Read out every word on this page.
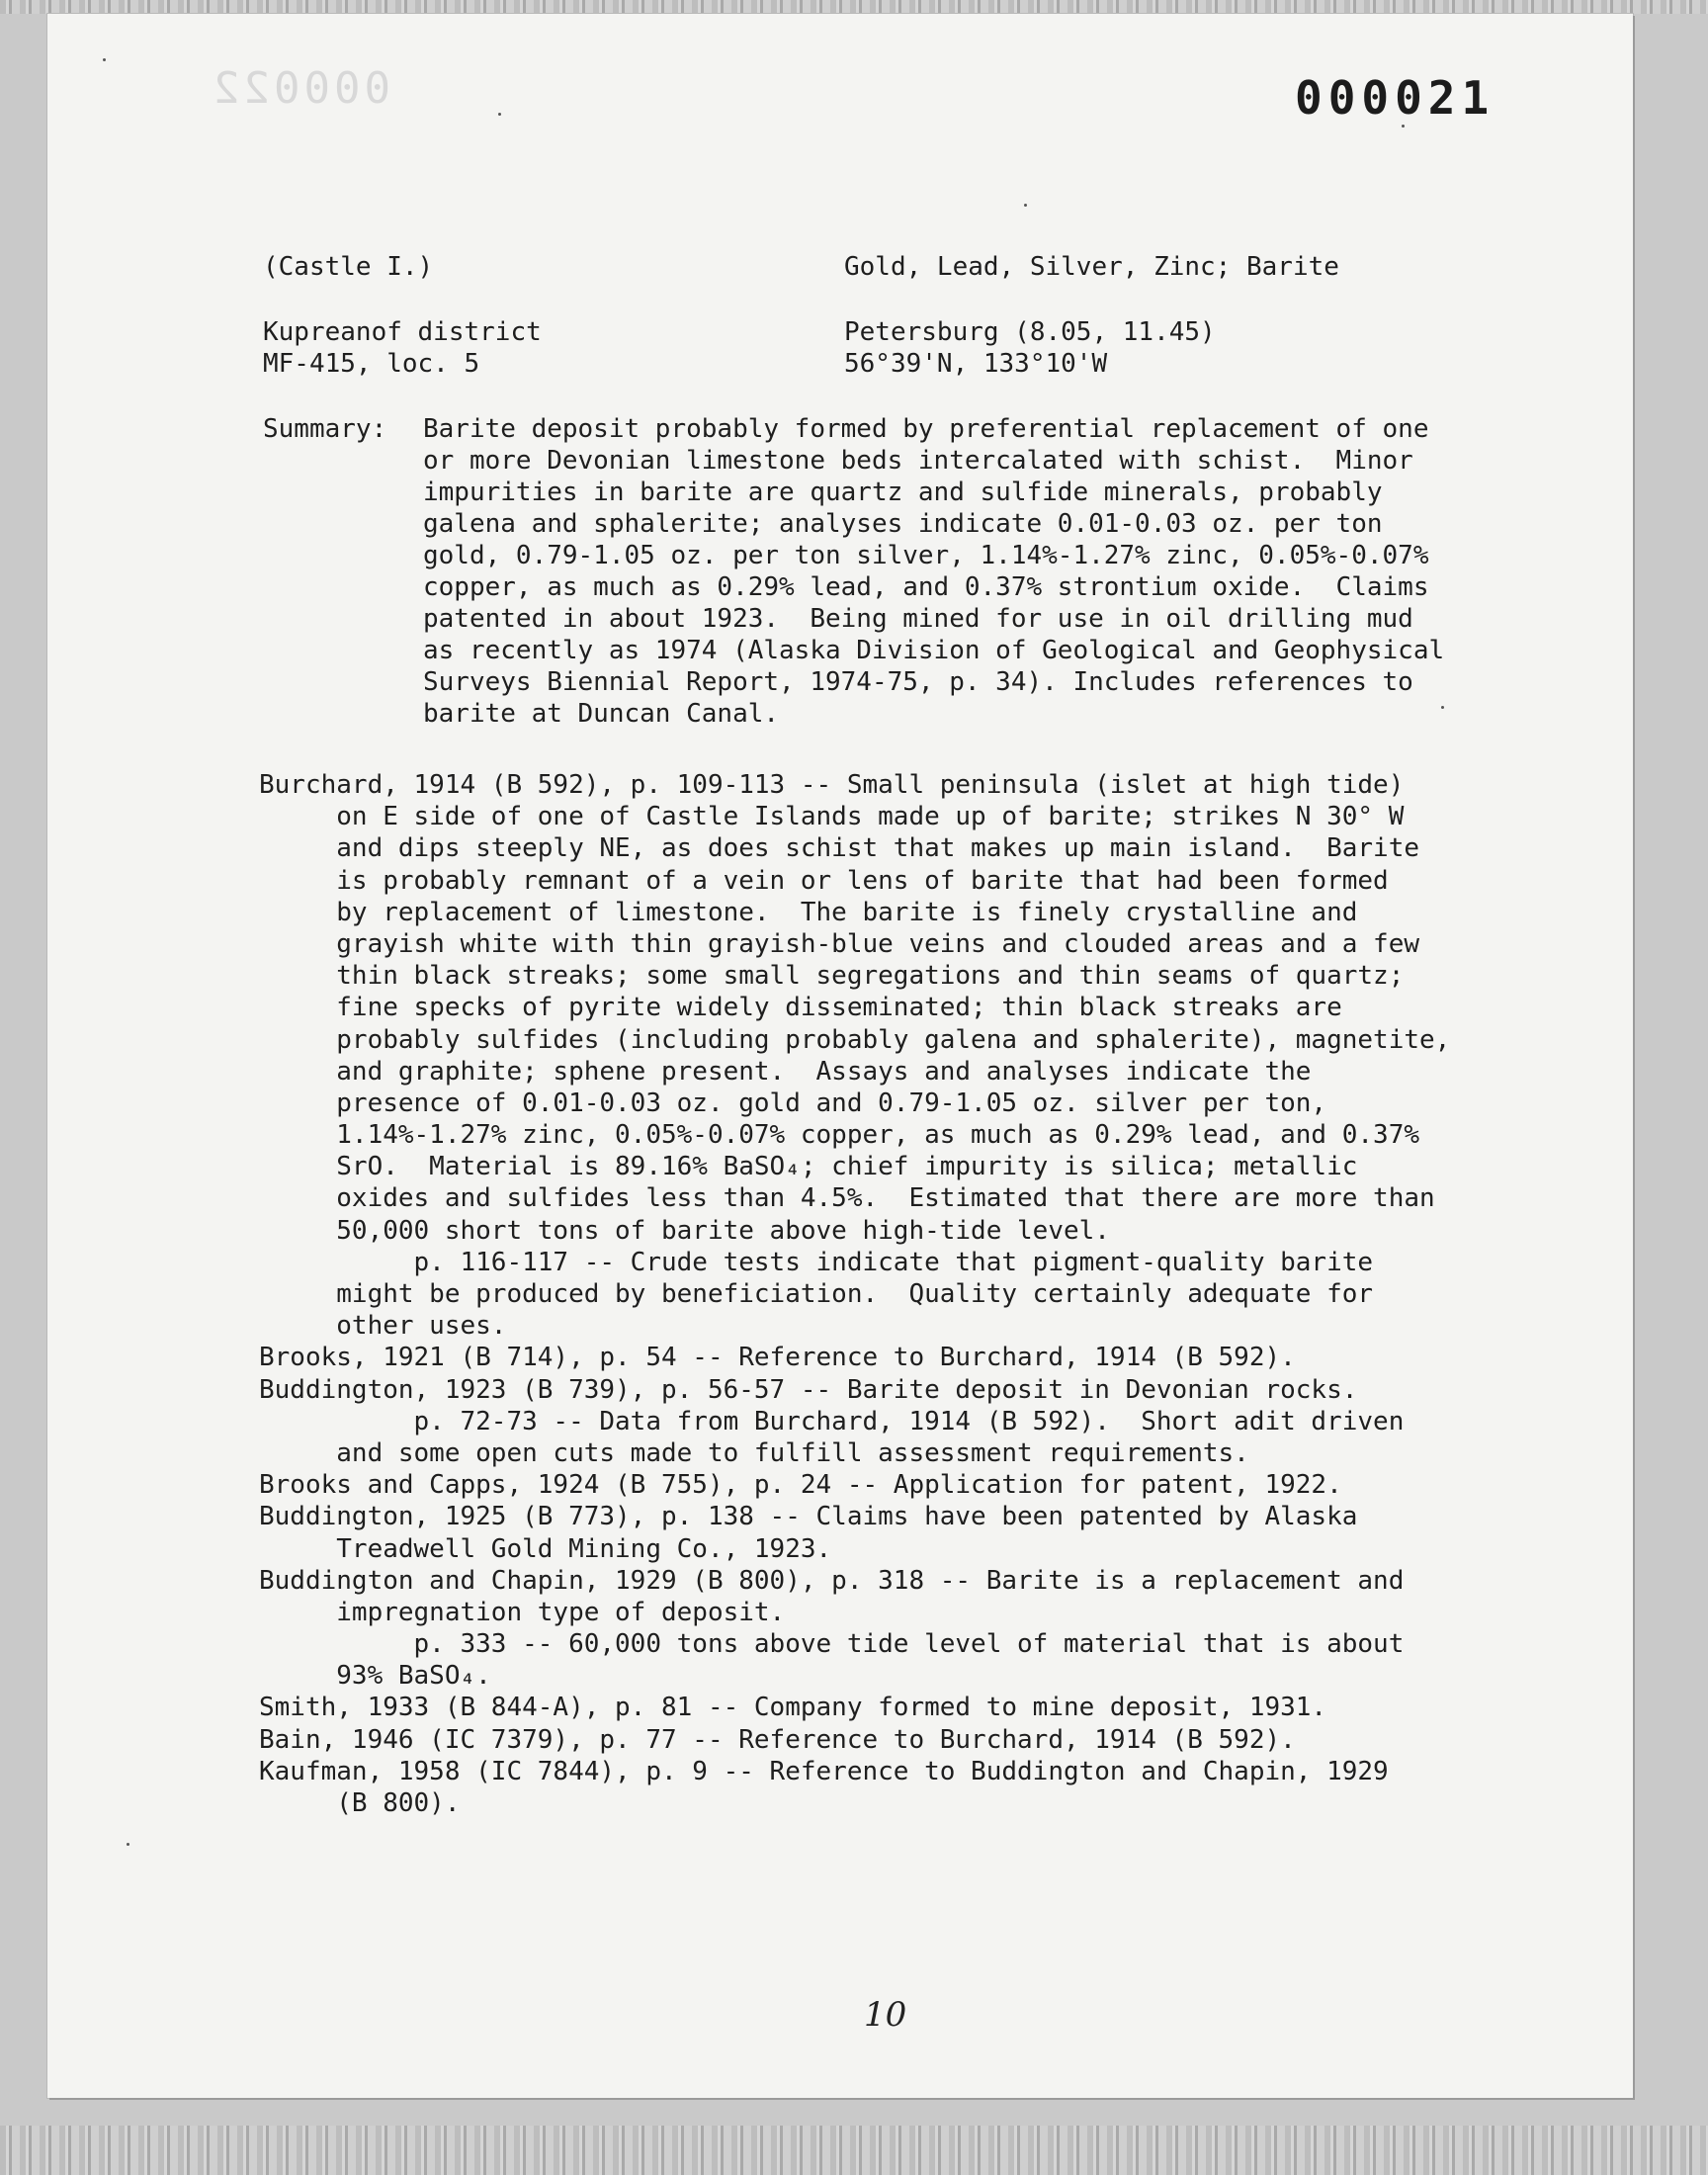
000022	000021
(Castle I.)	Gold, Lead, Silver, Zinc; Barite
Kupreanof district	Petersburg (8.05, 11.45)
MF-415, loc. 5	56°39'N, 133°10'W
Summary: Barite deposit probably formed by preferential replacement of one
or more Devonian limestone beds intercalated with schist.  Minor
impurities in barite are quartz and sulfide minerals, probably
galena and sphalerite; analyses indicate 0.01-0.03 oz. per ton
gold, 0.79-1.05 oz. per ton silver, 1.14%-1.27% zinc, 0.05%-0.07%
copper, as much as 0.29% lead, and 0.37% strontium oxide.  Claims
patented in about 1923.  Being mined for use in oil drilling mud
as recently as 1974 (Alaska Division of Geological and Geophysical
Surveys Biennial Report, 1974-75, p. 34). Includes references to
barite at Duncan Canal.
Burchard, 1914 (B 592), p. 109-113 -- Small peninsula (islet at high tide)
on E side of one of Castle Islands made up of barite; strikes N 30° W
and dips steeply NE, as does schist that makes up main island.  Barite
is probably remnant of a vein or lens of barite that had been formed
by replacement of limestone.  The barite is finely crystalline and
grayish white with thin grayish-blue veins and clouded areas and a few
thin black streaks; some small segregations and thin seams of quartz;
fine specks of pyrite widely disseminated; thin black streaks are
probably sulfides (including probably galena and sphalerite), magnetite,
and graphite; sphene present.  Assays and analyses indicate the
presence of 0.01-0.03 oz. gold and 0.79-1.05 oz. silver per ton,
1.14%-1.27% zinc, 0.05%-0.07% copper, as much as 0.29% lead, and 0.37%
SrO.  Material is 89.16% BaSO₄; chief impurity is silica; metallic
oxides and sulfides less than 4.5%.  Estimated that there are more than
50,000 short tons of barite above high-tide level.
p. 116-117 -- Crude tests indicate that pigment-quality barite
might be produced by beneficiation.  Quality certainly adequate for
other uses.
Brooks, 1921 (B 714), p. 54 -- Reference to Burchard, 1914 (B 592).
Buddington, 1923 (B 739), p. 56-57 -- Barite deposit in Devonian rocks.
p. 72-73 -- Data from Burchard, 1914 (B 592).  Short adit driven
and some open cuts made to fulfill assessment requirements.
Brooks and Capps, 1924 (B 755), p. 24 -- Application for patent, 1922.
Buddington, 1925 (B 773), p. 138 -- Claims have been patented by Alaska
Treadwell Gold Mining Co., 1923.
Buddington and Chapin, 1929 (B 800), p. 318 -- Barite is a replacement and
impregnation type of deposit.
p. 333 -- 60,000 tons above tide level of material that is about
93% BaSO₄.
Smith, 1933 (B 844-A), p. 81 -- Company formed to mine deposit, 1931.
Bain, 1946 (IC 7379), p. 77 -- Reference to Burchard, 1914 (B 592).
Kaufman, 1958 (IC 7844), p. 9 -- Reference to Buddington and Chapin, 1929
(B 800).
10
